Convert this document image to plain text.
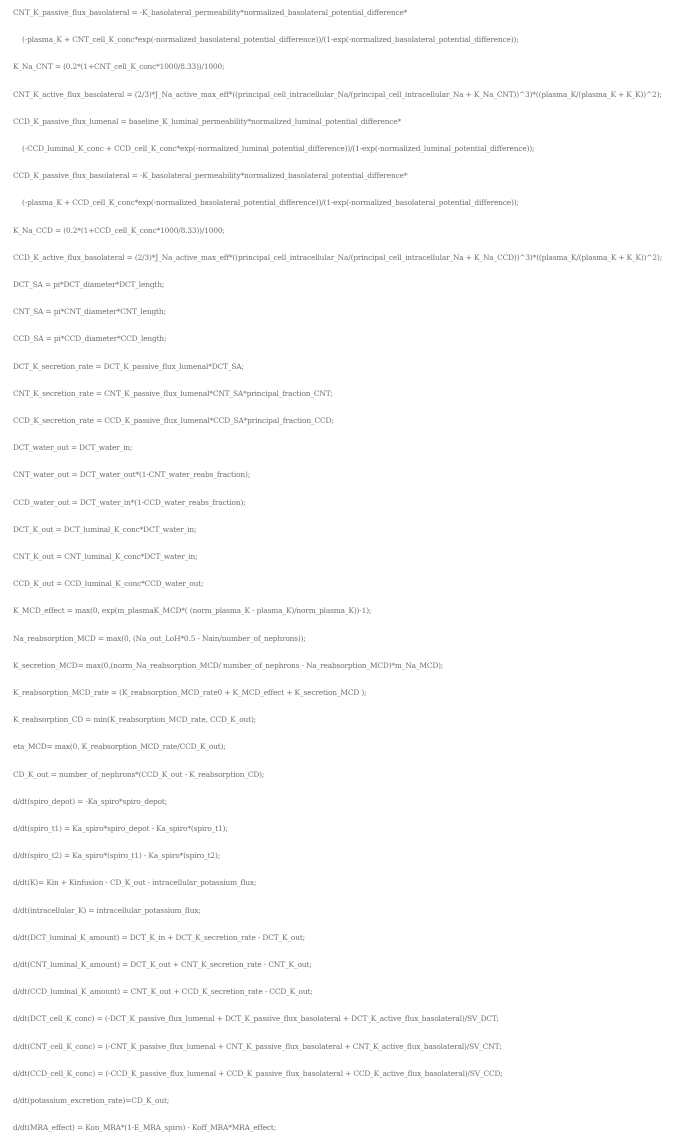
CNT_K_passive_flux_basolateral = -K_basolateral_permeability*normalized_basolateral_potential_difference*
(-plasma_K + CNT_cell_K_conc*exp(-normalized_basolateral_potential_difference))/(1-exp(-normalized_basolateral_potential_difference));
K_Na_CNT = (0.2*(1+CNT_cell_K_conc*1000/8.33))/1000;
CNT_K_active_flux_basolateral = (2/3)*J_Na_active_max_eff*((principal_cell_intracellular_Na/(principal_cell_intracellular_Na + K_Na_CNT))^3)*((plasma_K/(plasma_K + K_K))^2);
CCD_K_passive_flux_lumenal = baseline_K_luminal_permeability*normalized_luminal_potential_difference*
(-CCD_luminal_K_conc + CCD_cell_K_conc*exp(-normalized_luminal_potential_difference))/(1-exp(-normalized_luminal_potential_difference));
CCD_K_passive_flux_basolateral = -K_basolateral_permeability*normalized_basolateral_potential_difference*
(-plasma_K + CCD_cell_K_conc*exp(-normalized_basolateral_potential_difference))/(1-exp(-normalized_basolateral_potential_difference));
K_Na_CCD = (0.2*(1+CCD_cell_K_conc*1000/8.33))/1000;
CCD_K_active_flux_basolateral = (2/3)*J_Na_active_max_eff*((principal_cell_intracellular_Na/(principal_cell_intracellular_Na + K_Na_CCD))^3)*((plasma_K/(plasma_K + K_K))^2);
DCT_SA = pi*DCT_diameter*DCT_length;
CNT_SA = pi*CNT_diameter*CNT_length;
CCD_SA = pi*CCD_diameter*CCD_length;
DCT_K_secretion_rate = DCT_K_passive_flux_lumenal*DCT_SA;
CNT_K_secretion_rate = CNT_K_passive_flux_lumenal*CNT_SA*principal_fraction_CNT;
CCD_K_secretion_rate = CCD_K_passive_flux_lumenal*CCD_SA*principal_fraction_CCD;
DCT_water_out = DCT_water_in;
CNT_water_out = DCT_water_out*(1-CNT_water_reabs_fraction);
CCD_water_out = DCT_water_in*(1-CCD_water_reabs_fraction);
DCT_K_out = DCT_luminal_K_conc*DCT_water_in;
CNT_K_out = CNT_luminal_K_conc*DCT_water_in;
CCD_K_out = CCD_luminal_K_conc*CCD_water_out;
K_MCD_effect = max(0, exp(m_plasmaK_MCD*( (norm_plasma_K - plasma_K)/norm_plasma_K))-1);
Na_reabsorption_MCD = max(0, (Na_out_LoH*0.5 - Nain/number_of_nephrons));
K_secretion_MCD= max(0,(norm_Na_reabsorption_MCD/ number_of_nephrons - Na_reabsorption_MCD)*m_Na_MCD);
K_reabsorption_MCD_rate = (K_reabsorption_MCD_rate0 + K_MCD_effect + K_secretion_MCD );
K_reabsorption_CD = min(K_reabsorption_MCD_rate, CCD_K_out);
eta_MCD= max(0, K_reabsorption_MCD_rate/CCD_K_out);
CD_K_out = number_of_nephrons*(CCD_K_out - K_reabsorption_CD);
d/dt(spiro_depot) = -Ka_spiro*spiro_depot;
d/dt(spiro_t1) = Ka_spiro*spiro_depot - Ka_spiro*(spiro_t1);
d/dt(spiro_t2) = Ka_spiro*(spiro_t1) - Ka_spiro*(spiro_t2);
d/dt(K)= Kin + Kinfusion - CD_K_out - intracellular_potassium_flux;
d/dt(intracellular_K) = intracellular_potassium_flux;
d/dt(DCT_luminal_K_amount) = DCT_K_in + DCT_K_secretion_rate - DCT_K_out;
d/dt(CNT_luminal_K_amount) = DCT_K_out + CNT_K_secretion_rate - CNT_K_out;
d/dt(CCD_luminal_K_amount) = CNT_K_out + CCD_K_secretion_rate - CCD_K_out;
d/dt(DCT_cell_K_conc) = (-DCT_K_passive_flux_lumenal + DCT_K_passive_flux_basolateral + DCT_K_active_flux_basolateral)/SV_DCT;
d/dt(CNT_cell_K_conc) = (-CNT_K_passive_flux_lumenal + CNT_K_passive_flux_basolateral + CNT_K_active_flux_basolateral)/SV_CNT;
d/dt(CCD_cell_K_conc) = (-CCD_K_passive_flux_lumenal + CCD_K_passive_flux_basolateral + CCD_K_active_flux_basolateral)/SV_CCD;
d/dt(potassium_excretion_rate)=CD_K_out;
d/dt(MRA_effect) = Kon_MRA*(1-E_MRA_spiro) - Koff_MRA*MRA_effect;
